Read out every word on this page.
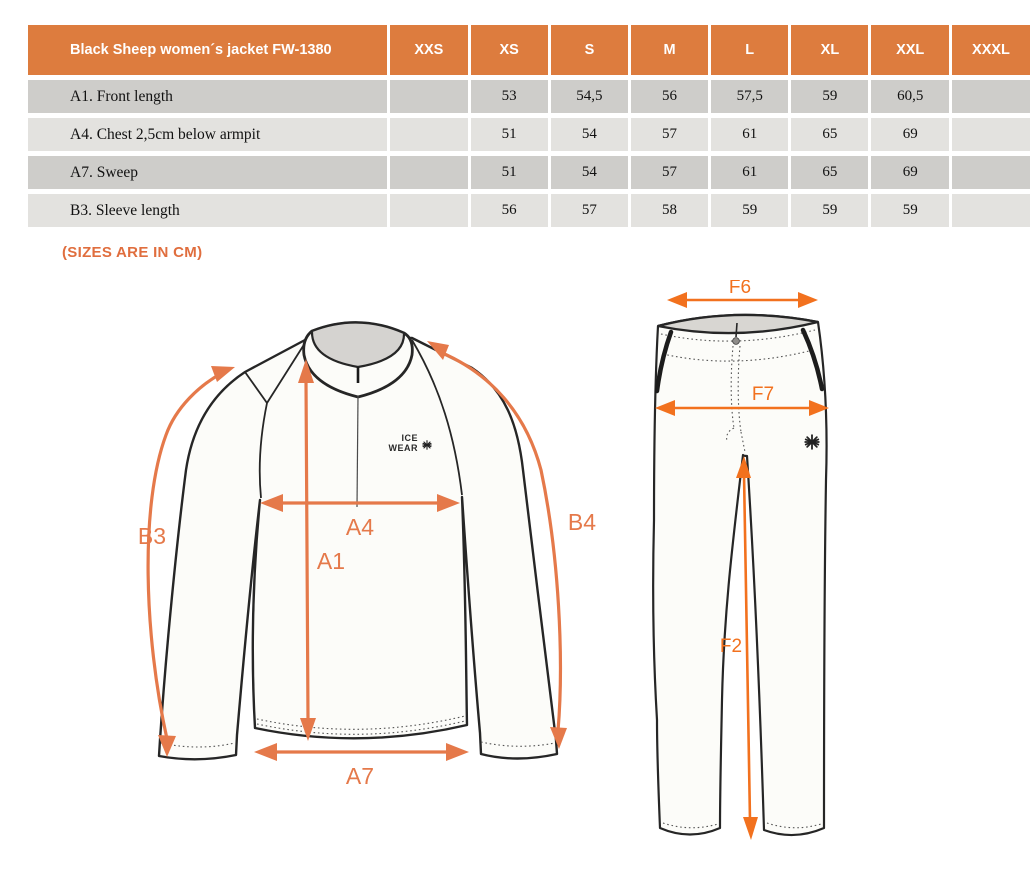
Black Sheep women´s jacket FW-1380	XXS	XS	S	M	L	XL	XXL	XXXL
A1. Front length		53	54,5	56	57,5	59	60,5	
A4. Chest 2,5cm below armpit		51	54	57	61	65	69	
A7. Sweep		51	54	57	61	65	69	
B3. Sleeve length		56	57	58	59	59	59	
(SIZES ARE IN CM)
ICE
WEAR
B3
B4
A4
A1
A7
F6
F7
F2
